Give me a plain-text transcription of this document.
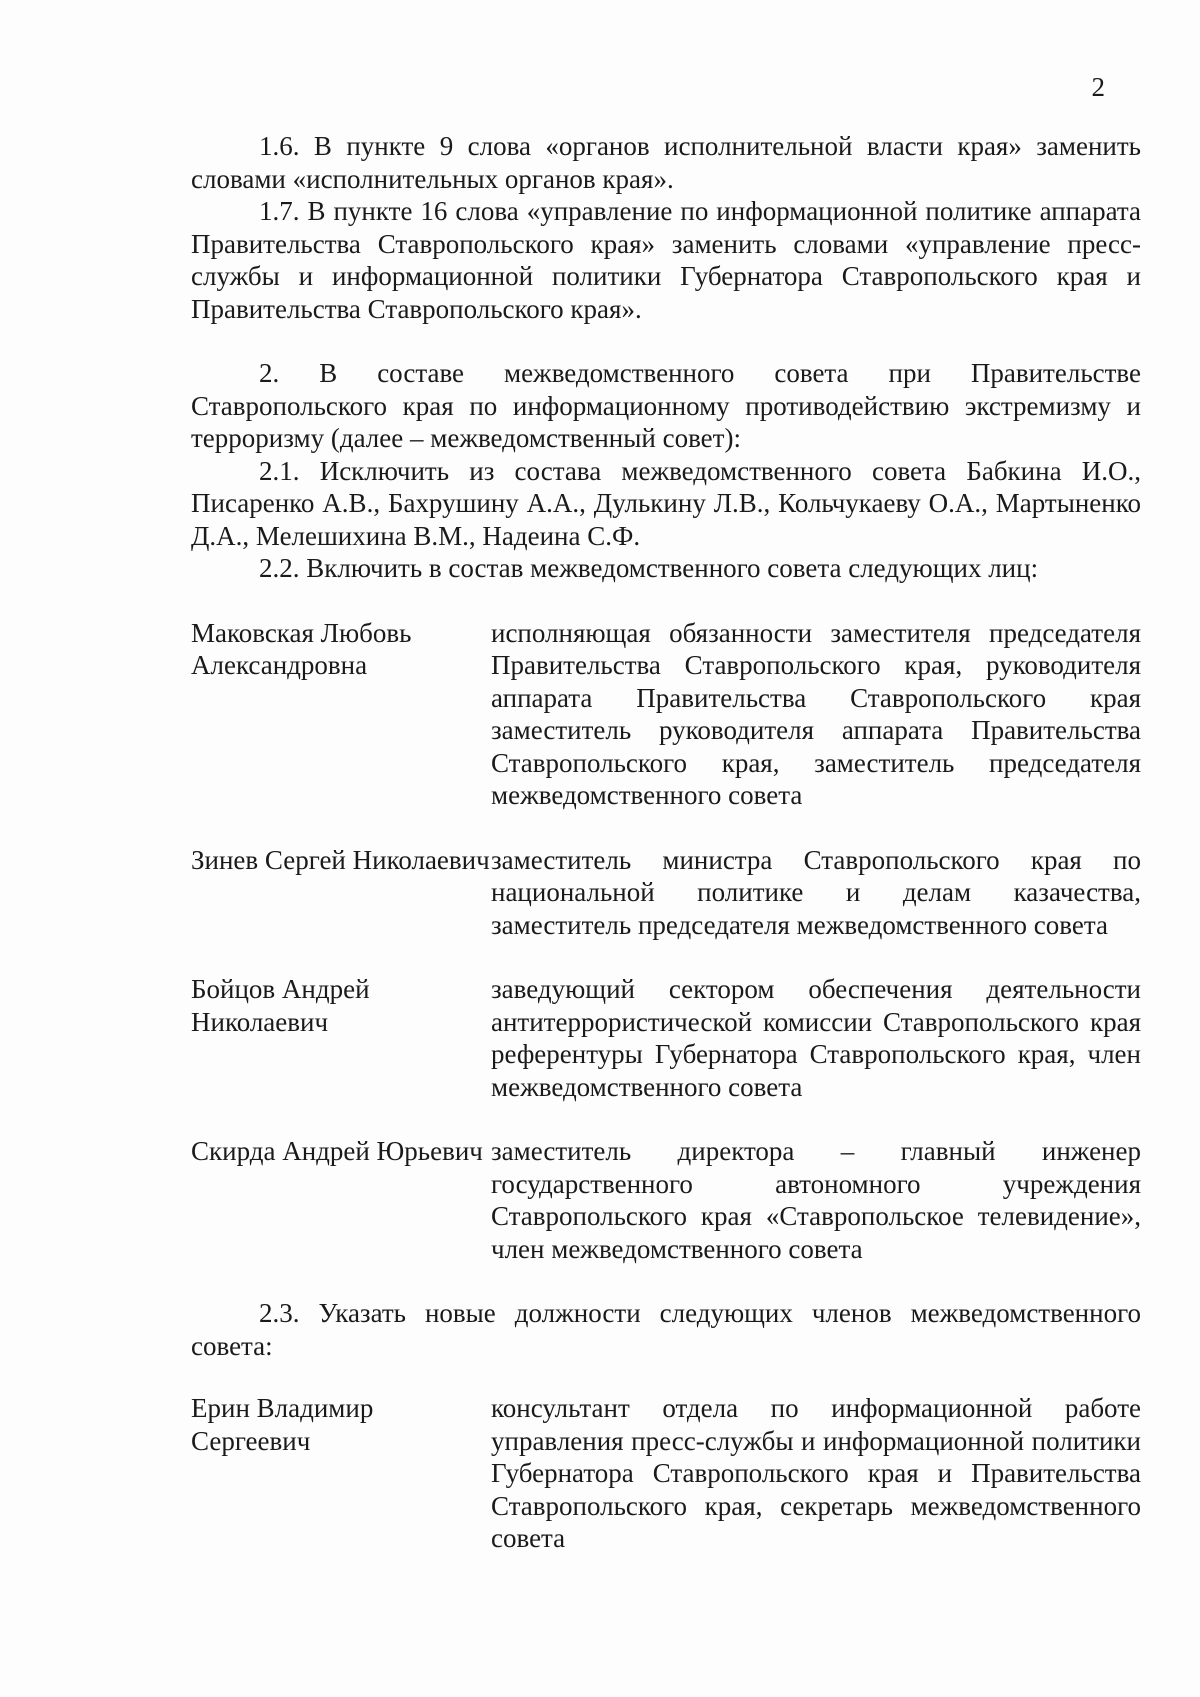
2

1.6. В пункте 9 слова «органов исполнительной власти края» заменить словами «исполнительных органов края».

1.7. В пункте 16 слова «управление по информационной политике аппарата Правительства Ставропольского края» заменить словами «управление пресс-службы и информационной политики Губернатора Ставропольского края и Правительства Ставропольского края».

2. В составе межведомственного совета при Правительстве Ставропольского края по информационному противодействию экстремизму и терроризму (далее – межведомственный совет):

2.1. Исключить из состава межведомственного совета Бабкина И.О., Писаренко А.В., Бахрушину А.А., Дулькину Л.В., Кольчукаеву О.А., Мартыненко Д.А., Мелешихина В.М., Надеина С.Ф.

2.2. Включить в состав межведомственного совета следующих лиц:

Маковская Любовь Александровна
исполняющая обязанности заместителя председателя Правительства Ставропольского края, руководителя аппарата Правительства Ставропольского края заместитель руководителя аппарата Правительства Ставропольского края, заместитель председателя межведомственного совета
Зинев Сергей Николаевич заместитель министра Ставропольского края по национальной политике и делам казачества, заместитель председателя межведомственного совета
Бойцов Андрей Николаевич
заведующий сектором обеспечения деятельности антитеррористической комиссии Ставропольского края референтуры Губернатора Ставропольского края, член межведомственного совета
Скирда Андрей Юрьевич заместитель директора – главный инженер государственного автономного учреждения Ставропольского края «Ставропольское телевидение», член межведомственного совета

2.3. Указать новые должности следующих членов межведомственного совета:

Ерин Владимир Сергеевич
консультант отдела по информационной работе управления пресс-службы и информационной политики Губернатора Ставропольского края и Правительства Ставропольского края, секретарь межведомственного совета
